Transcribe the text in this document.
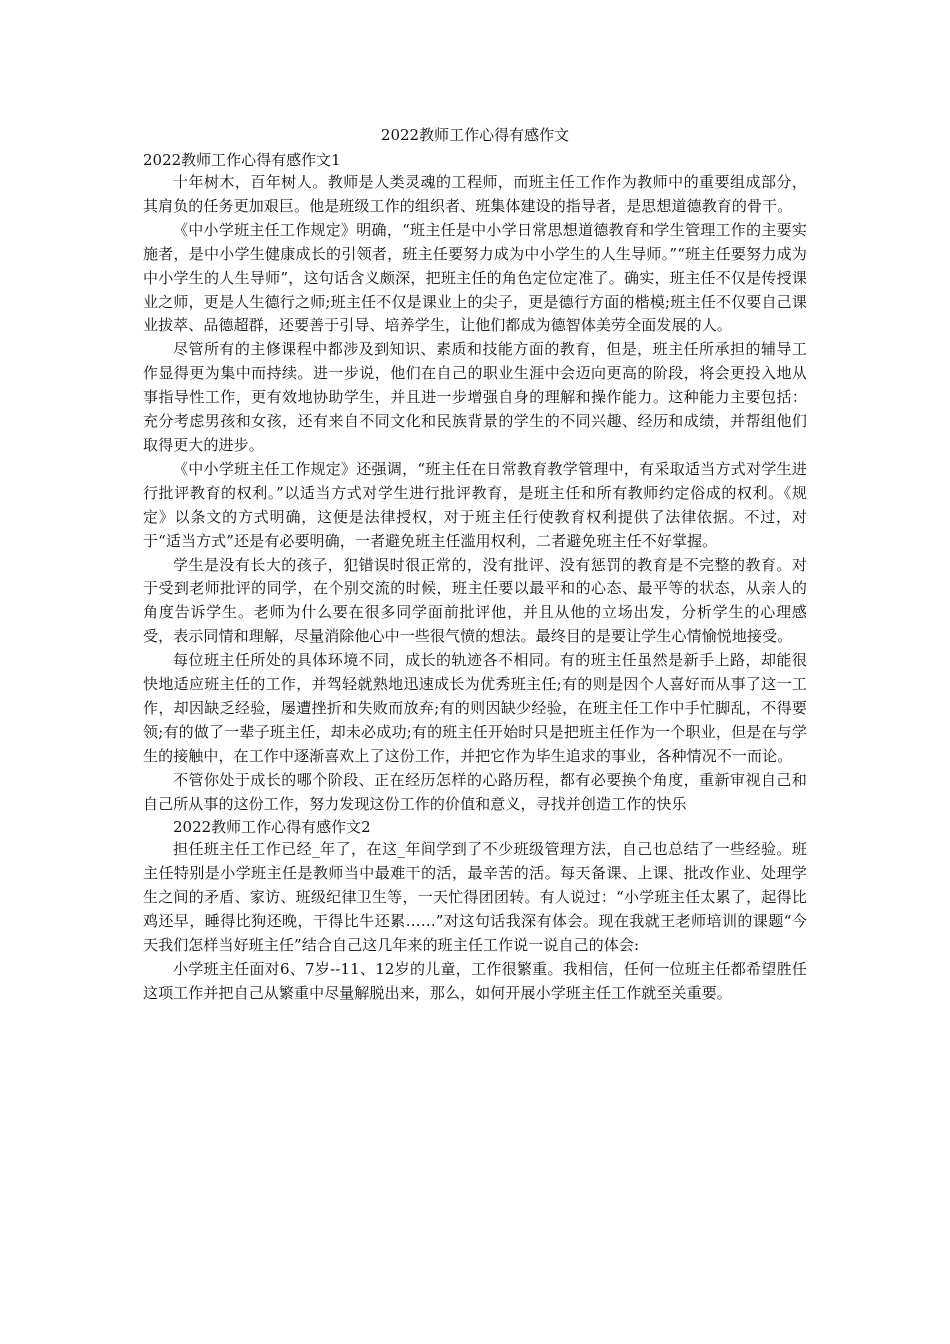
2022教师工作心得有感作文
2022教师工作心得有感作文1

十年树木，百年树人。教师是人类灵魂的工程师，而班主任工作作为教师中的重要组成部分，其肩负的任务更加艰巨。他是班级工作的组织者、班集体建设的指导者，是思想道德教育的骨干。

《中小学班主任工作规定》明确，“班主任是中小学日常思想道德教育和学生管理工作的主要实施者，是中小学生健康成长的引领者，班主任要努力成为中小学生的人生导师。”“班主任要努力成为中小学生的人生导师”，这句话含义颇深，把班主任的角色定位定准了。确实，班主任不仅是传授课业之师，更是人生德行之师;班主任不仅是课业上的尖子，更是德行方面的楷模;班主任不仅要自己课业拔萃、品德超群，还要善于引导、培养学生，让他们都成为德智体美劳全面发展的人。

尽管所有的主修课程中都涉及到知识、素质和技能方面的教育，但是，班主任所承担的辅导工作显得更为集中而持续。进一步说，他们在自己的职业生涯中会迈向更高的阶段，将会更投入地从事指导性工作，更有效地协助学生，并且进一步增强自身的理解和操作能力。这种能力主要包括：充分考虑男孩和女孩，还有来自不同文化和民族背景的学生的不同兴趣、经历和成绩，并帮组他们取得更大的进步。

《中小学班主任工作规定》还强调，“班主任在日常教育教学管理中，有采取适当方式对学生进行批评教育的权利。”以适当方式对学生进行批评教育，是班主任和所有教师约定俗成的权利。《规定》以条文的方式明确，这便是法律授权，对于班主任行使教育权利提供了法律依据。不过，对于“适当方式”还是有必要明确，一者避免班主任滥用权利，二者避免班主任不好掌握。

学生是没有长大的孩子，犯错误时很正常的，没有批评、没有惩罚的教育是不完整的教育。对于受到老师批评的同学，在个别交流的时候，班主任要以最平和的心态、最平等的状态，从亲人的角度告诉学生。老师为什么要在很多同学面前批评他，并且从他的立场出发，分析学生的心理感受，表示同情和理解，尽量消除他心中一些很气愤的想法。最终目的是要让学生心情愉悦地接受。

每位班主任所处的具体环境不同，成长的轨迹各不相同。有的班主任虽然是新手上路，却能很快地适应班主任的工作，并驾轻就熟地迅速成长为优秀班主任;有的则是因个人喜好而从事了这一工作，却因缺乏经验，屡遭挫折和失败而放弃;有的则因缺少经验，在班主任工作中手忙脚乱，不得要领;有的做了一辈子班主任，却未必成功;有的班主任开始时只是把班主任作为一个职业，但是在与学生的接触中，在工作中逐渐喜欢上了这份工作，并把它作为毕生追求的事业，各种情况不一而论。

不管你处于成长的哪个阶段、正在经历怎样的心路历程，都有必要换个角度，重新审视自己和自己所从事的这份工作，努力发现这份工作的价值和意义，寻找并创造工作的快乐

2022教师工作心得有感作文2

担任班主任工作已经_年了，在这_年间学到了不少班级管理方法，自己也总结了一些经验。班主任特别是小学班主任是教师当中最难干的活，最辛苦的活。每天备课、上课、批改作业、处理学生之间的矛盾、家访、班级纪律卫生等，一天忙得团团转。有人说过：“小学班主任太累了，起得比鸡还早，睡得比狗还晚，干得比牛还累……”对这句话我深有体会。现在我就王老师培训的课题“今天我们怎样当好班主任”结合自己这几年来的班主任工作说一说自己的体会:

小学班主任面对6、7岁--11、12岁的儿童，工作很繁重。我相信，任何一位班主任都希望胜任这项工作并把自己从繁重中尽量解脱出来，那么，如何开展小学班主任工作就至关重要。
